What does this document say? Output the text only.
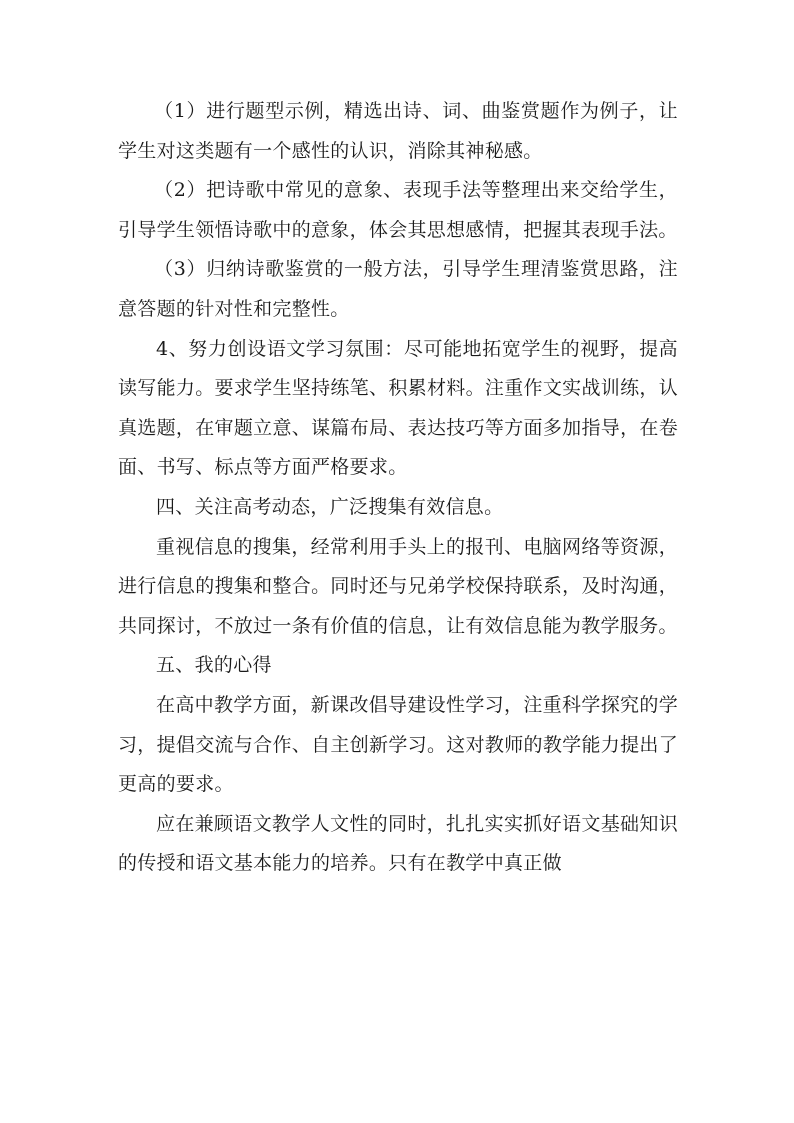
（1）进行题型示例，精选出诗、词、曲鉴赏题作为例子，让学生对这类题有一个感性的认识，消除其神秘感。

（2）把诗歌中常见的意象、表现手法等整理出来交给学生，引导学生领悟诗歌中的意象，体会其思想感情，把握其表现手法。

（3）归纳诗歌鉴赏的一般方法，引导学生理清鉴赏思路，注意答题的针对性和完整性。

4、努力创设语文学习氛围：尽可能地拓宽学生的视野，提高读写能力。要求学生坚持练笔、积累材料。注重作文实战训练，认真选题，在审题立意、谋篇布局、表达技巧等方面多加指导，在卷面、书写、标点等方面严格要求。

四、关注高考动态，广泛搜集有效信息。

重视信息的搜集，经常利用手头上的报刊、电脑网络等资源，进行信息的搜集和整合。同时还与兄弟学校保持联系，及时沟通，共同探讨，不放过一条有价值的信息，让有效信息能为教学服务。

五、我的心得

在高中教学方面，新课改倡导建设性学习，注重科学探究的学习，提倡交流与合作、自主创新学习。这对教师的教学能力提出了更高的要求。

应在兼顾语文教学人文性的同时，扎扎实实抓好语文基础知识的传授和语文基本能力的培养。只有在教学中真正做
